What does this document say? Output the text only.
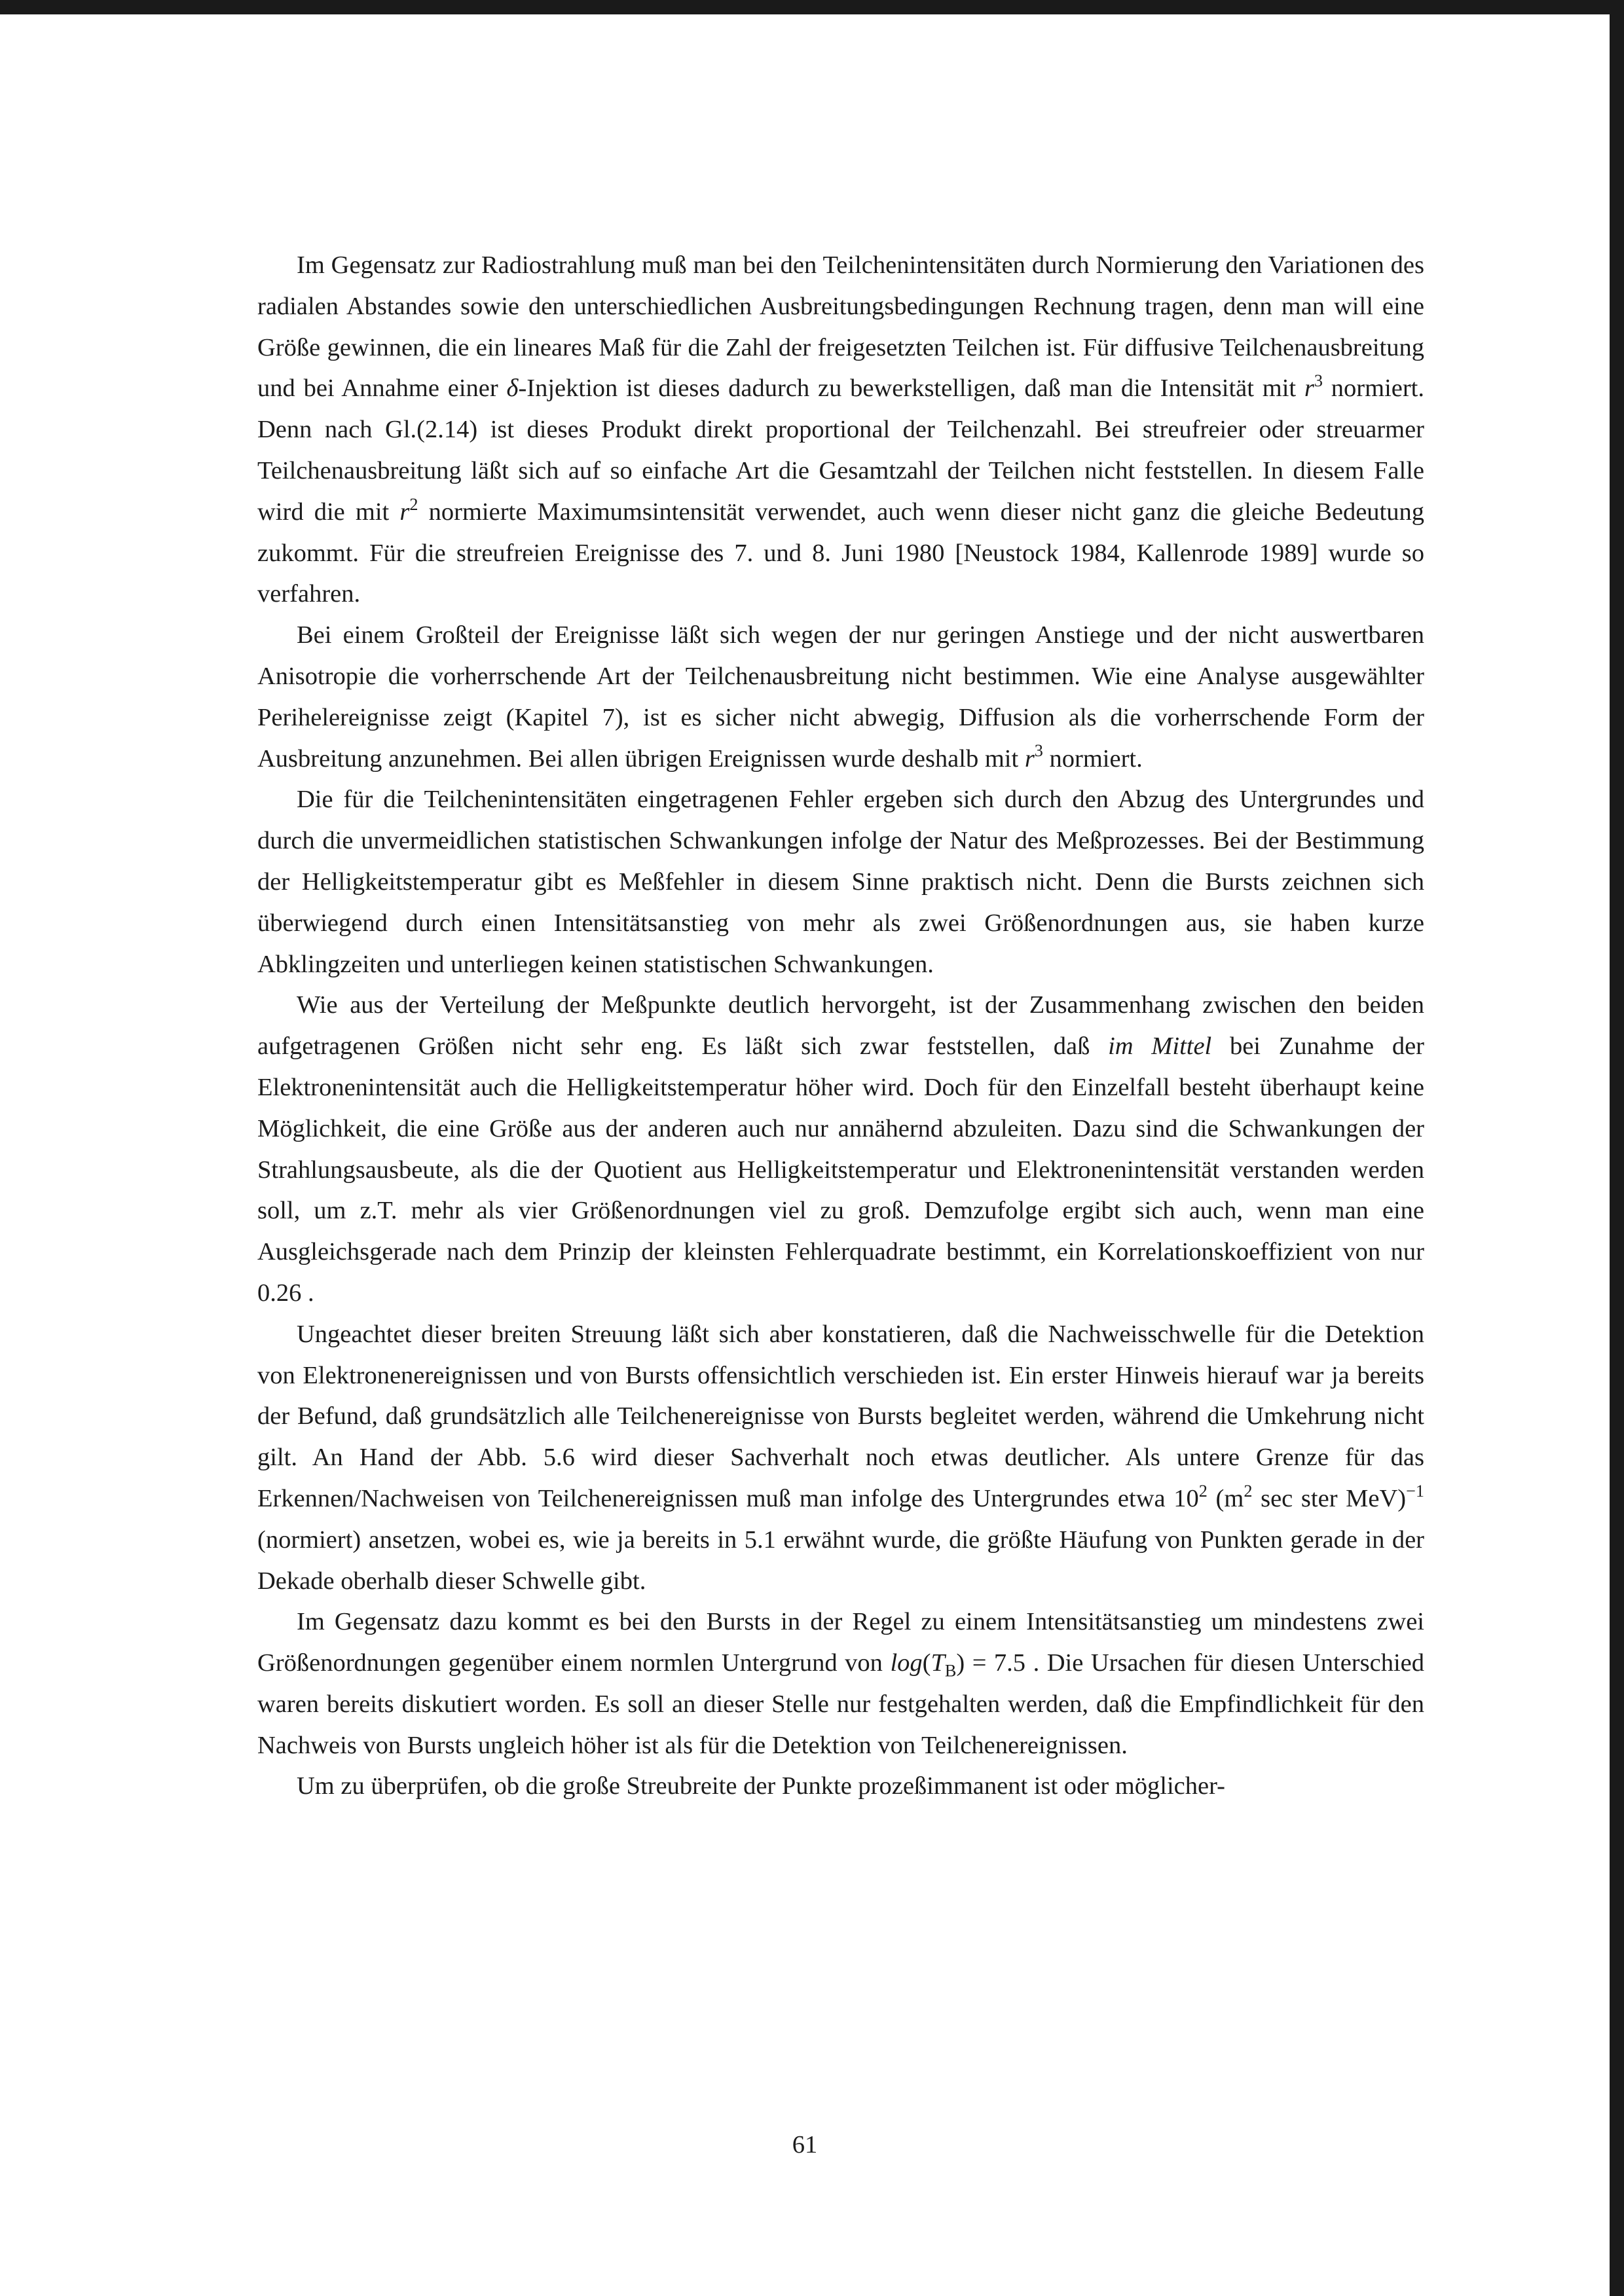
Im Gegensatz zur Radiostrahlung muß man bei den Teilchenintensitäten durch Normierung den Variationen des radialen Abstandes sowie den unterschiedlichen Ausbreitungsbedingungen Rechnung tragen, denn man will eine Größe gewinnen, die ein lineares Maß für die Zahl der freigesetzten Teilchen ist. Für diffusive Teilchenausbreitung und bei Annahme einer δ-Injektion ist dieses dadurch zu bewerkstelligen, daß man die Intensität mit $r^3$ normiert. Denn nach Gl.(2.14) ist dieses Produkt direkt proportional der Teilchenzahl. Bei streufreier oder streuarmer Teilchenausbreitung läßt sich auf so einfache Art die Gesamtzahl der Teilchen nicht feststellen. In diesem Falle wird die mit $r^2$ normierte Maximumsintensität verwendet, auch wenn dieser nicht ganz die gleiche Bedeutung zukommt. Für die streufreien Ereignisse des 7. und 8. Juni 1980 [Neustock 1984, Kallenrode 1989] wurde so verfahren.

Bei einem Großteil der Ereignisse läßt sich wegen der nur geringen Anstiege und der nicht auswertbaren Anisotropie die vorherrschende Art der Teilchenausbreitung nicht bestimmen. Wie eine Analyse ausgewählter Perihelereignisse zeigt (Kapitel 7), ist es sicher nicht abwegig, Diffusion als die vorherrschende Form der Ausbreitung anzunehmen. Bei allen übrigen Ereignissen wurde deshalb mit $r^3$ normiert.

Die für die Teilchenintensitäten eingetragenen Fehler ergeben sich durch den Abzug des Untergrundes und durch die unvermeidlichen statistischen Schwankungen infolge der Natur des Meßprozesses. Bei der Bestimmung der Helligkeitstemperatur gibt es Meßfehler in diesem Sinne praktisch nicht. Denn die Bursts zeichnen sich überwiegend durch einen Intensitätsanstieg von mehr als zwei Größenordnungen aus, sie haben kurze Abklingzeiten und unterliegen keinen statistischen Schwankungen.

Wie aus der Verteilung der Meßpunkte deutlich hervorgeht, ist der Zusammenhang zwischen den beiden aufgetragenen Größen nicht sehr eng. Es läßt sich zwar feststellen, daß im Mittel bei Zunahme der Elektronenintensität auch die Helligkeitstemperatur höher wird. Doch für den Einzelfall besteht überhaupt keine Möglichkeit, die eine Größe aus der anderen auch nur annähernd abzuleiten. Dazu sind die Schwankungen der Strahlungsausbeute, als die der Quotient aus Helligkeitstemperatur und Elektronenintensität verstanden werden soll, um z.T. mehr als vier Größenordnungen viel zu groß. Demzufolge ergibt sich auch, wenn man eine Ausgleichsgerade nach dem Prinzip der kleinsten Fehlerquadrate bestimmt, ein Korrelationskoeffizient von nur 0.26 .

Ungeachtet dieser breiten Streuung läßt sich aber konstatieren, daß die Nachweisschwelle für die Detektion von Elektronenereignissen und von Bursts offensichtlich verschieden ist. Ein erster Hinweis hierauf war ja bereits der Befund, daß grundsätzlich alle Teilchenereignisse von Bursts begleitet werden, während die Umkehrung nicht gilt. An Hand der Abb. 5.6 wird dieser Sachverhalt noch etwas deutlicher. Als untere Grenze für das Erkennen/Nachweisen von Teilchenereignissen muß man infolge des Untergrundes etwa $10^2$ ($m^2$ sec ster MeV)$^{-1}$ (normiert) ansetzen, wobei es, wie ja bereits in 5.1 erwähnt wurde, die größte Häufung von Punkten gerade in der Dekade oberhalb dieser Schwelle gibt.

Im Gegensatz dazu kommt es bei den Bursts in der Regel zu einem Intensitätsanstieg um mindestens zwei Größenordnungen gegenüber einem normlen Untergrund von $\log(T_B) = 7.5$ . Die Ursachen für diesen Unterschied waren bereits diskutiert worden. Es soll an dieser Stelle nur festgehalten werden, daß die Empfindlichkeit für den Nachweis von Bursts ungleich höher ist als für die Detektion von Teilchenereignissen.

Um zu überprüfen, ob die große Streubreite der Punkte prozeßimmanent ist oder möglicher-

61
